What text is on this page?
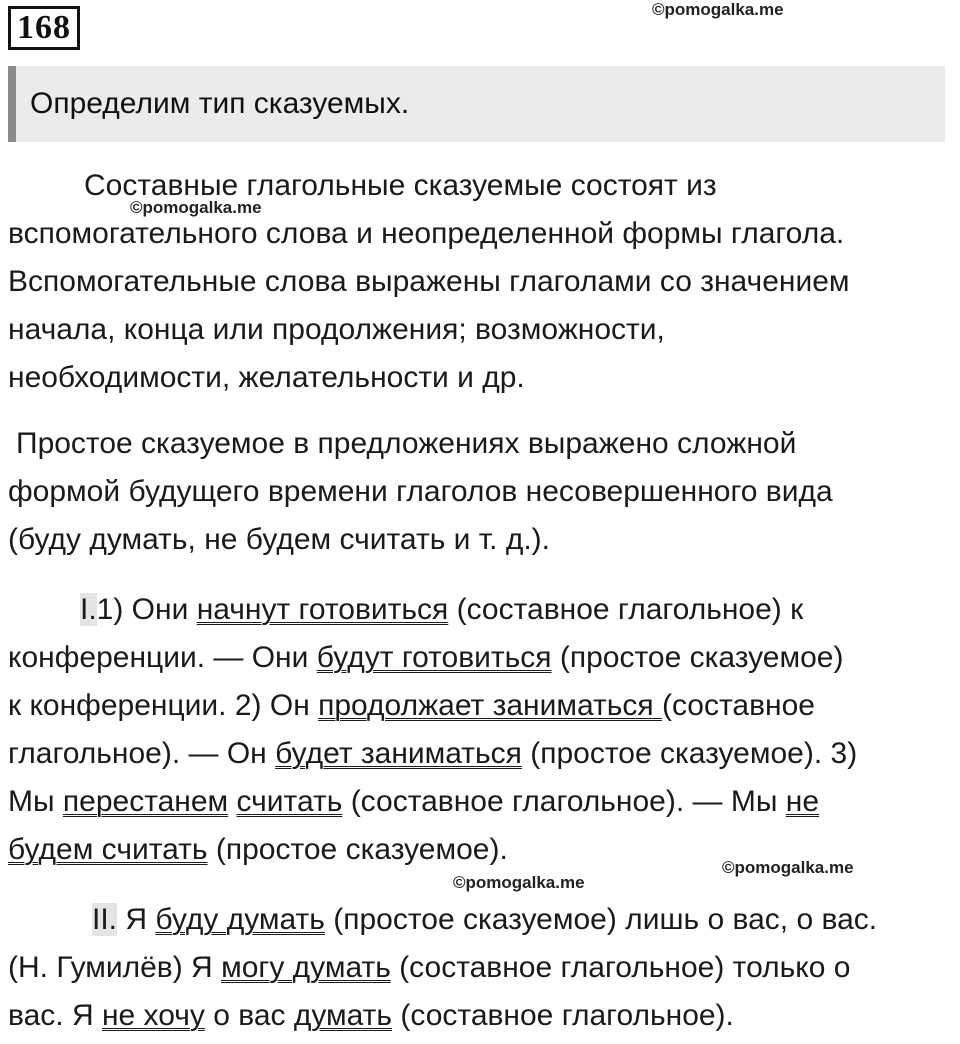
168	©pomogalka.me
Определим тип сказуемых.
Составные глагольные сказуемые состоят из
вспомогательного слова и неопределенной формы глагола.
Вспомогательные слова выражены глаголами со значением
начала, конца или продолжения; возможности,
необходимости, желательности и др.
©pomogalka.me
Простое сказуемое в предложениях выражено сложной
формой будущего времени глаголов несовершенного вида
(буду думать, не будем считать и т. д.).
I.1) Они начнут готовиться (составное глагольное) к
конференции. — Они будут готовиться (простое сказуемое)
к конференции. 2) Он продолжает заниматься (составное
глагольное). — Он будет заниматься (простое сказуемое). 3)
Мы перестанем считать (составное глагольное). — Мы не
будем считать (простое сказуемое).
©pomogalka.me
©pomogalka.me
II. Я буду думать (простое сказуемое) лишь о вас, о вас.
(Н. Гумилёв) Я могу думать (составное глагольное) только о
вас. Я не хочу о вас думать (составное глагольное).
